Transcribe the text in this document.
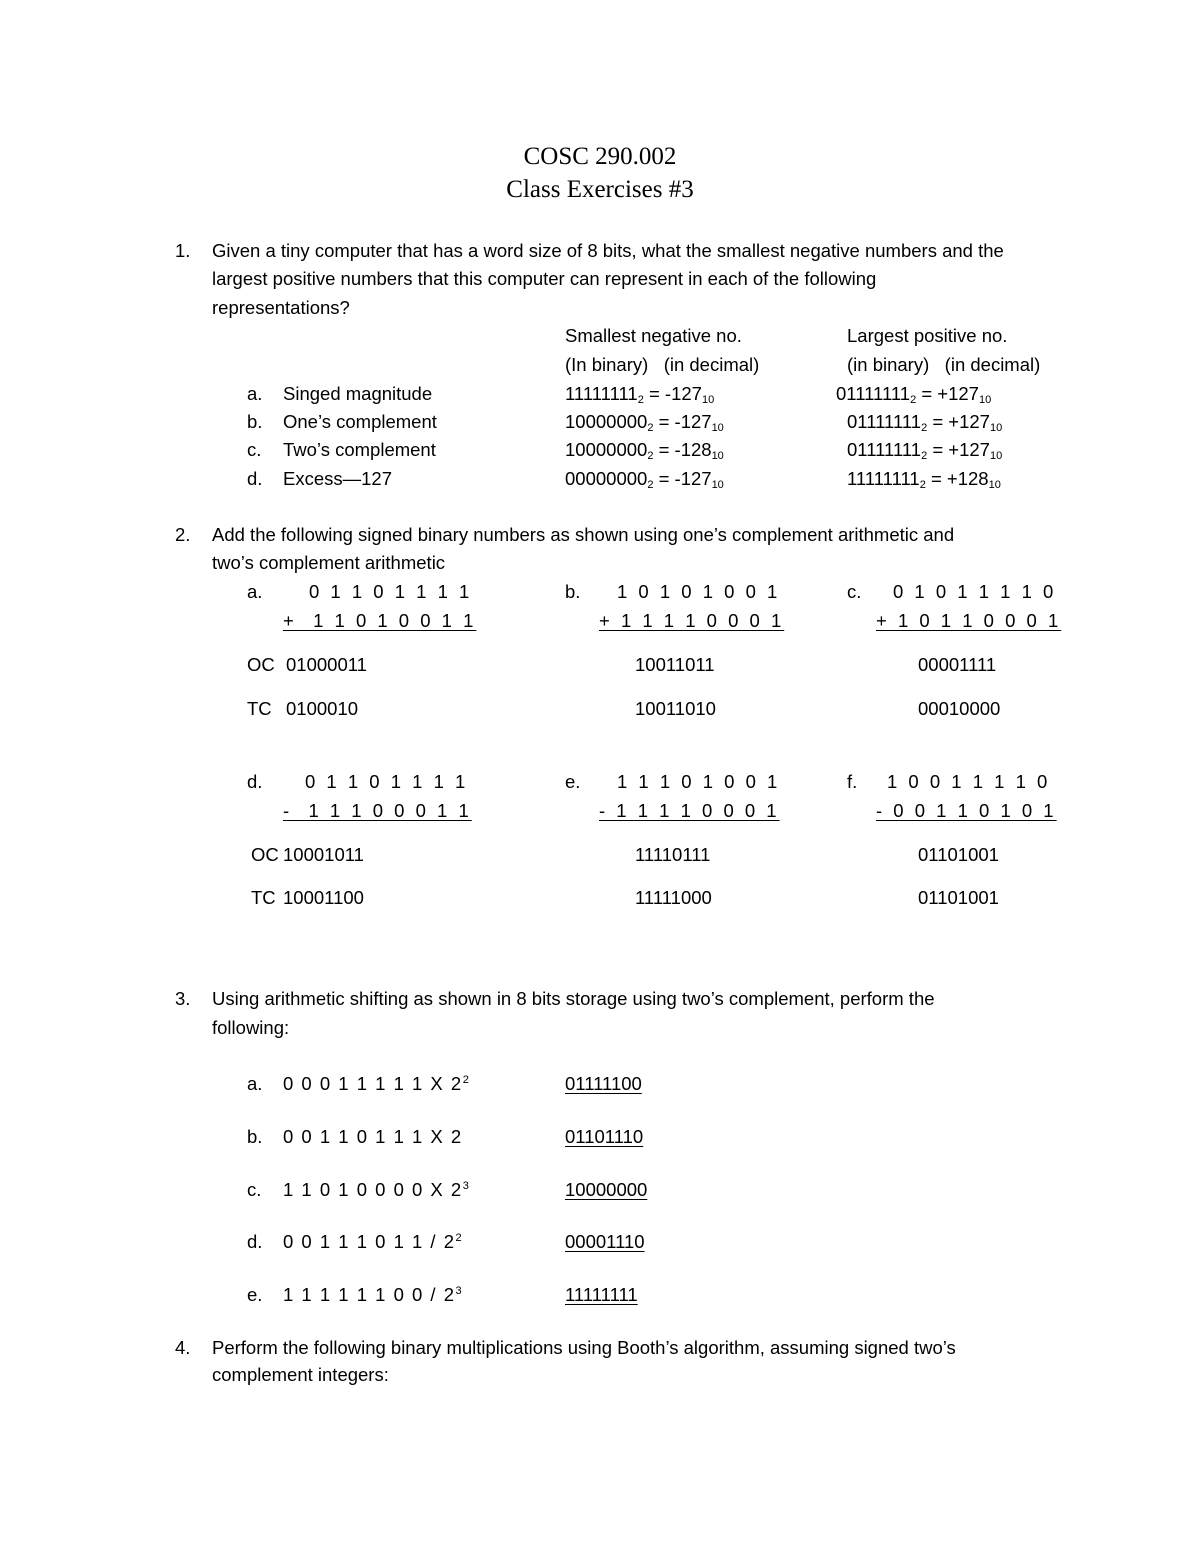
COSC 290.002
Class Exercises #3
1. Given a tiny computer that has a word size of 8 bits, what the smallest negative numbers and the
largest positive numbers that this computer can represent in each of the following
representations?
Smallest negative no.	Largest positive no.
(In binary)   (in decimal)	(in binary)   (in decimal)
a. Singed magnitude	$11111111_2 = -127_{10}$	$01111111_2 = +127_{10}$
b. One’s complement	$10000000_2 = -127_{10}$	$01111111_2 = +127_{10}$
c. Two’s complement	$10000000_2 = -128_{10}$	$01111111_2 = +127_{10}$
d. Excess—127	$00000000_2 = -127_{10}$	$11111111_2 = +128_{10}$
2. Add the following signed binary numbers as shown using one’s complement arithmetic and
two’s complement arithmetic
a.	0 1 1 0 1 1 1 1
+  1 1 0 1 0 0 1 1
OC 01000011
TC 0100010
b. 1 0 1 0 1 0 0 1
+ 1 1 1 1 0 0 0 1
10011011
10011010
c. 0 1 0 1 1 1 1 0
+ 1 0 1 1 0 0 0 1
00001111
00010000
d. 0 1 1 0 1 1 1 1
-  1 1 1 0 0 0 1 1
OC 10001011
TC 10001100
e. 1 1 1 0 1 0 0 1
- 1 1 1 1 0 0 0 1
11110111
11111000
f. 1 0 0 1 1 1 1 0
- 0 0 1 1 0 1 0 1
01101001
01101001
3. Using arithmetic shifting as shown in 8 bits storage using two’s complement, perform the
following:
a. 0 0 0 1 1 1 1 1 X $2^2$	01111100
b. 0 0 1 1 0 1 1 1 X 2	01101110
c. 1 1 0 1 0 0 0 0 X $2^3$	10000000
d. 0 0 1 1 1 0 1 $1 / 2^2$	00001110
e. 1 1 1 1 1 1 0 $0 / 2^3$	11111111
4. Perform the following binary multiplications using Booth’s algorithm, assuming signed two’s
complement integers:
